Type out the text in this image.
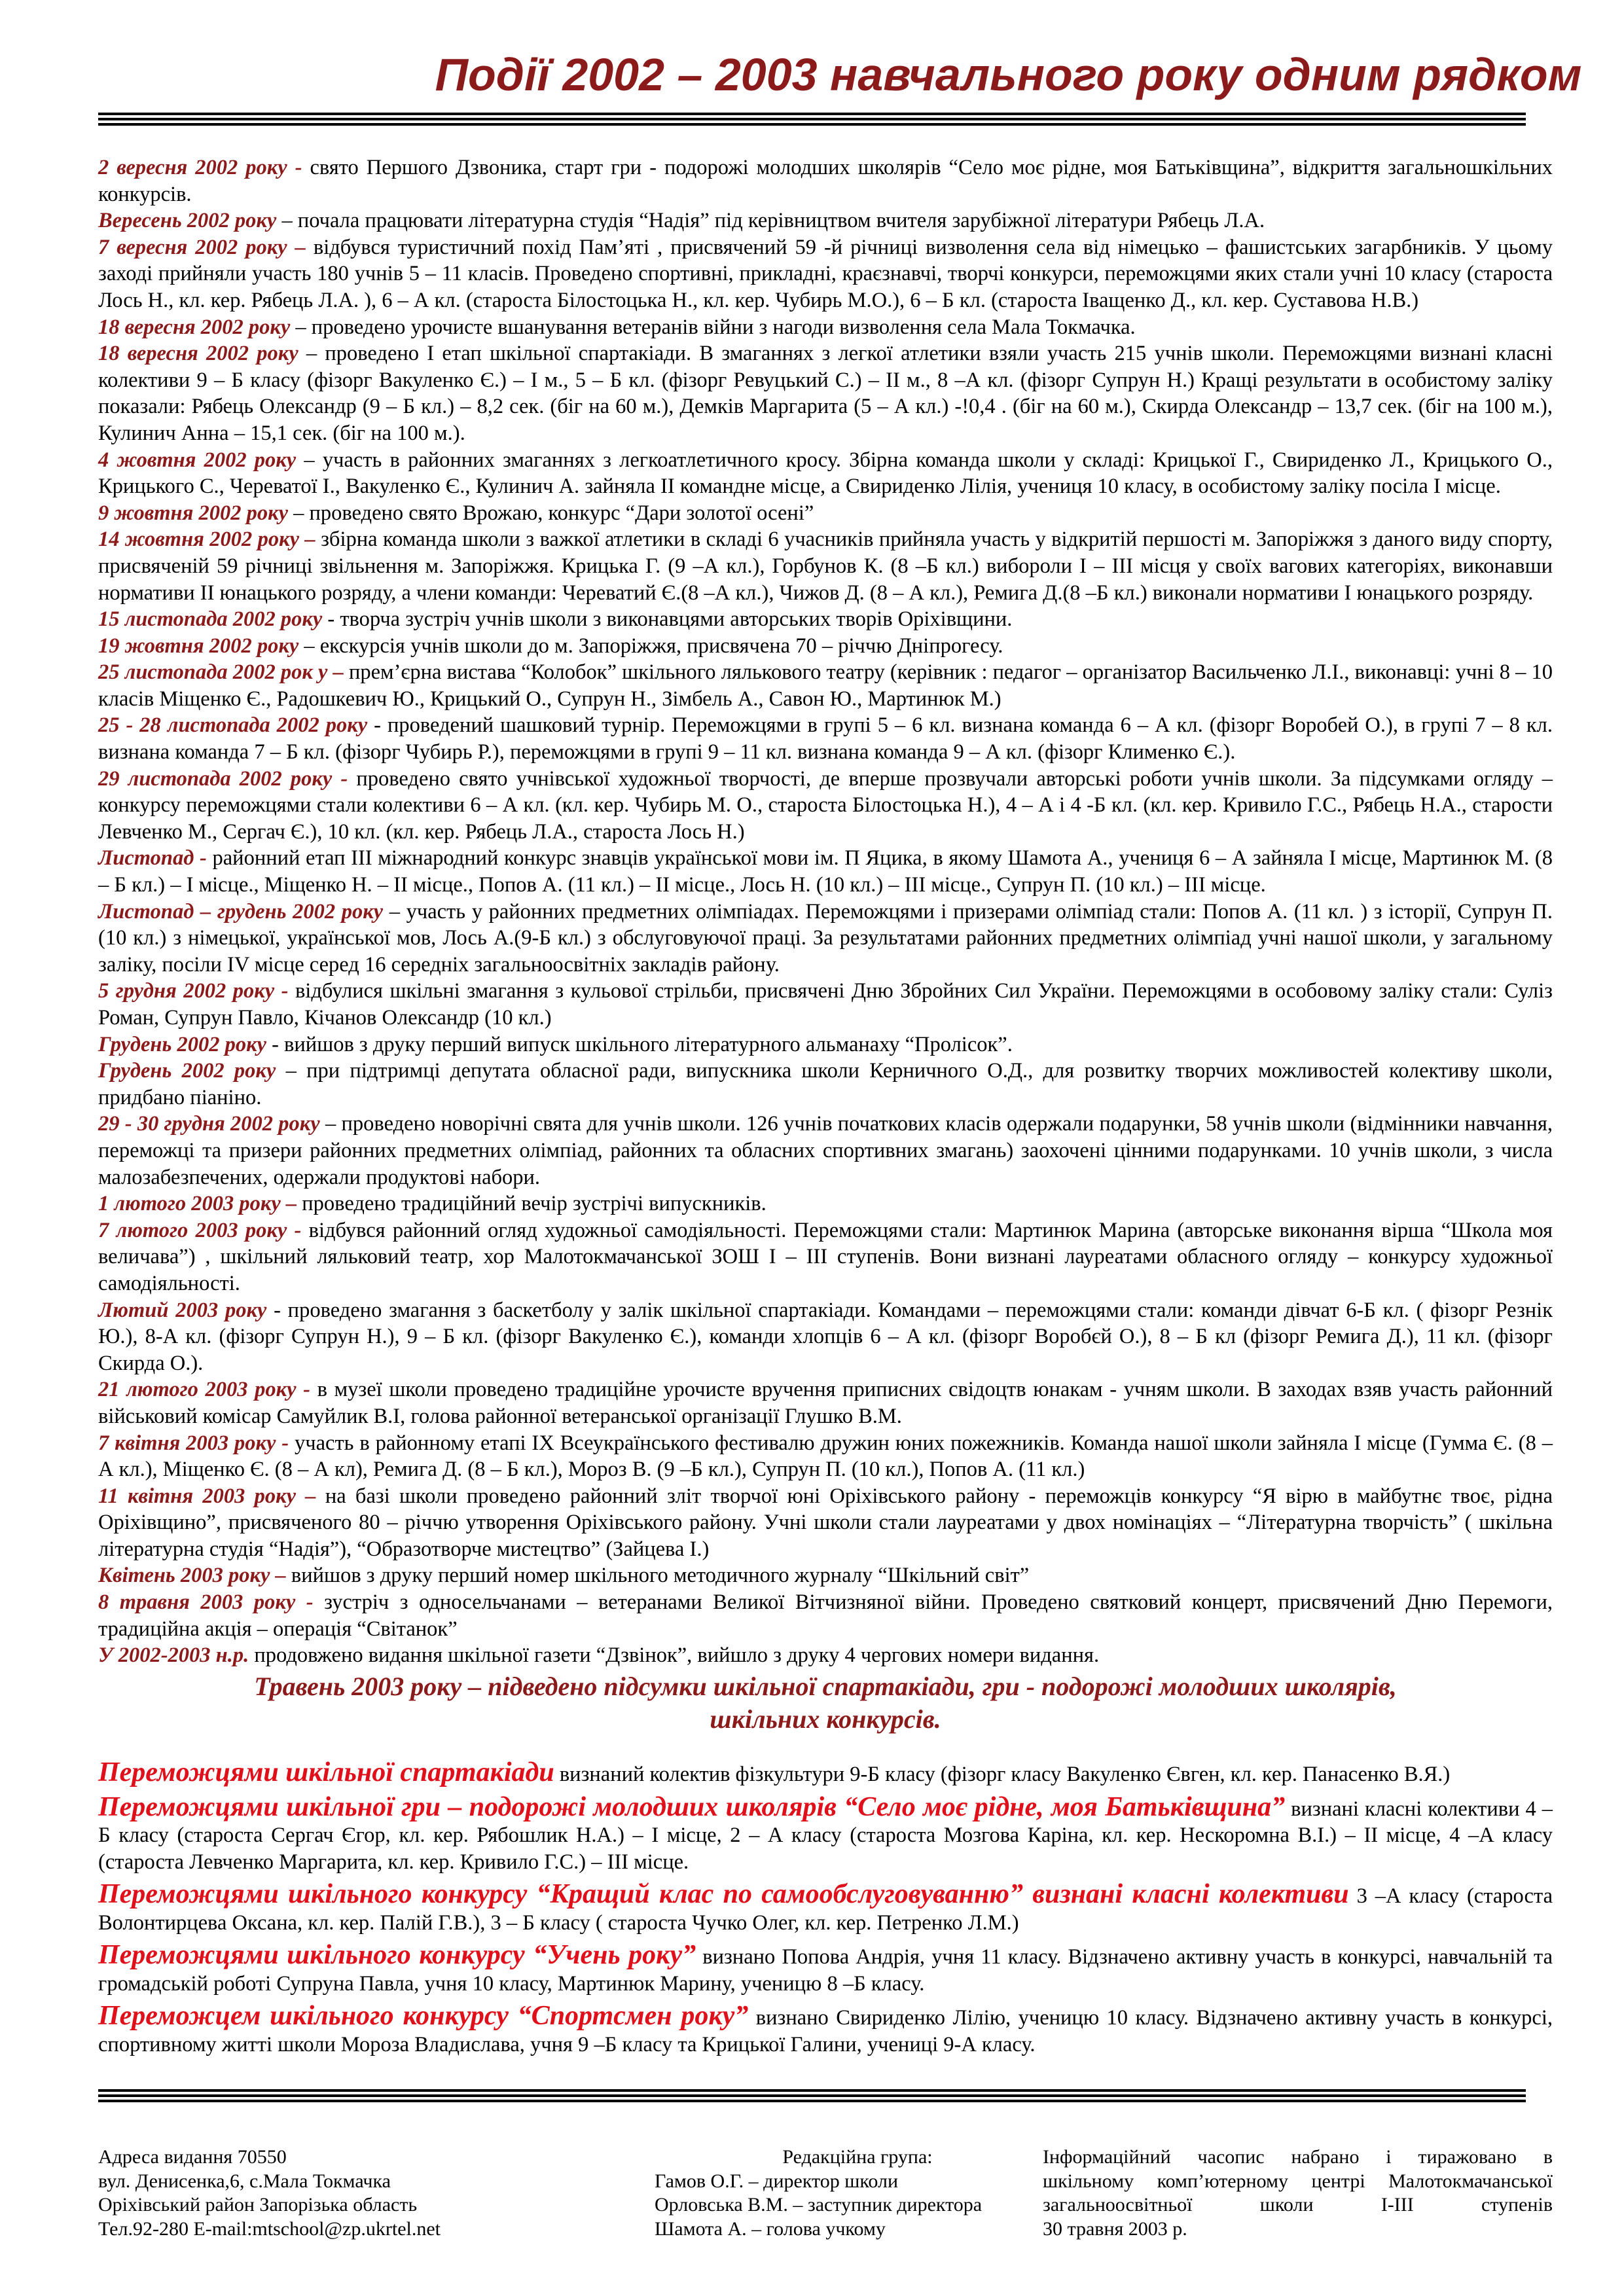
Події 2002 – 2003 навчального року одним рядком

2 вересня 2002 року - свято Першого Дзвоника, старт гри - подорожі молодших школярів “Село моє рідне, моя Батьківщина”, відкриття загальношкільних конкурсів.

Вересень 2002 року – почала працювати літературна студія “Надія” під керівництвом вчителя зарубіжної літератури Рябець Л.А.

7 вересня 2002 року – відбувся туристичний похід Пам’яті , присвячений 59 -й річниці визволення села від німецько – фашистських загарбників. У цьому заході прийняли участь 180 учнів 5 – 11 класів. Проведено спортивні, прикладні, краєзнавчі, творчі конкурси, переможцями яких стали учні 10 класу (староста Лось Н., кл. кер. Рябець Л.А. ), 6 – А кл. (староста Білостоцька Н., кл. кер. Чубирь М.О.), 6 – Б кл. (староста Іващенко Д., кл. кер. Суставова Н.В.)

18 вересня 2002 року – проведено урочисте вшанування ветеранів війни з нагоди визволення села Мала Токмачка.

18 вересня 2002 року – проведено I етап шкільної спартакіади. В змаганнях з легкої атлетики взяли участь 215 учнів школи. Переможцями визнані класні колективи 9 – Б класу (фізорг Вакуленко Є.) – І м., 5 – Б кл. (фізорг Ревуцький С.) – ІІ м., 8 –А кл. (фізорг Супрун Н.) Кращі результати в особистому заліку показали: Рябець Олександр (9 – Б кл.) – 8,2 сек. (біг на 60 м.), Демків Маргарита (5 – А кл.) -!0,4 . (біг на 60 м.), Скирда Олександр – 13,7 сек. (біг на 100 м.), Кулинич Анна – 15,1 сек. (біг на 100 м.).

4 жовтня 2002 року – участь в районних змаганнях з легкоатлетичного кросу. Збірна команда школи у складі: Крицької Г., Свириденко Л., Крицького О., Крицького С., Череватої І., Вакуленко Є., Кулинич А. зайняла ІІ командне місце, а Свириденко Лілія, учениця 10 класу, в особистому заліку посіла І місце.

9 жовтня 2002 року – проведено свято Врожаю, конкурс “Дари золотої осені”

14 жовтня 2002 року – збірна команда школи з важкої атлетики в складі 6 учасників прийняла участь у відкритій першості м. Запоріжжя з даного виду спорту, присвяченій 59 річниці звільнення м. Запоріжжя. Крицька Г. (9 –А кл.), Горбунов К. (8 –Б кл.) вибороли І – ІІІ місця у своїх вагових категоріях, виконавши нормативи ІІ юнацького розряду, а члени команди: Череватий Є.(8 –А кл.), Чижов Д. (8 – А кл.), Ремига Д.(8 –Б кл.) виконали нормативи І юнацького розряду.

15 листопада 2002 року - творча зустріч учнів школи з виконавцями авторських творів Оріхівщини.

19 жовтня 2002 року – екскурсія учнів школи до м. Запоріжжя, присвячена 70 – річчю Дніпрогесу.

25 листопада 2002 рок у – прем’єрна вистава “Колобок” шкільного лялькового театру (керівник : педагог – організатор Васильченко Л.І., виконавці: учні 8 – 10 класів Міщенко Є., Радошкевич Ю., Крицький О., Супрун Н., Зімбель А., Савон Ю., Мартинюк М.)

25 - 28 листопада 2002 року - проведений шашковий турнір. Переможцями в групі 5 – 6 кл. визнана команда 6 – А кл. (фізорг Воробей О.), в групі 7 – 8 кл. визнана команда 7 – Б кл. (фізорг Чубирь Р.), переможцями в групі 9 – 11 кл. визнана команда 9 – А кл. (фізорг Клименко Є.).

29 листопада 2002 року - проведено свято учнівської художньої творчості, де вперше прозвучали авторські роботи учнів школи. За підсумками огляду – конкурсу переможцями стали колективи 6 – А кл. (кл. кер. Чубирь М. О., староста Білостоцька Н.), 4 – А і 4 -Б кл. (кл. кер. Кривило Г.С., Рябець Н.А., старости Левченко М., Сергач Є.), 10 кл. (кл. кер. Рябець Л.А., староста Лось Н.)

Листопад - районний етап ІІІ міжнародний конкурс знавців української мови ім. П Яцика, в якому Шамота А., учениця 6 – А зайняла І місце, Мартинюк М. (8 – Б кл.) – І місце., Міщенко Н. – ІІ місце., Попов А. (11 кл.) – ІІ місце., Лось Н. (10 кл.) – ІІІ місце., Супрун П. (10 кл.) – ІІІ місце.

Листопад – грудень 2002 року – участь у районних предметних олімпіадах. Переможцями і призерами олімпіад стали: Попов А. (11 кл. ) з історії, Супрун П. (10 кл.) з німецької, української мов, Лось А.(9-Б кл.) з обслуговуючої праці. За результатами районних предметних олімпіад учні нашої школи, у загальному заліку, посіли IV місце серед 16 середніх загальноосвітніх закладів району.

5 грудня 2002 року - відбулися шкільні змагання з кульової стрільби, присвячені Дню Збройних Сил України. Переможцями в особовому заліку стали: Суліз Роман, Супрун Павло, Кічанов Олександр (10 кл.)

Грудень 2002 року - вийшов з друку перший випуск шкільного літературного альманаху “Пролісок”.

Грудень 2002 року – при підтримці депутата обласної ради, випускника школи Керничного О.Д., для розвитку творчих можливостей колективу школи, придбано піаніно.

29 - 30 грудня 2002 року – проведено новорічні свята для учнів школи. 126 учнів початкових класів одержали подарунки, 58 учнів школи (відмінники навчання, переможці та призери районних предметних олімпіад, районних та обласних спортивних змагань) заохочені цінними подарунками. 10 учнів школи, з числа малозабезпечених, одержали продуктові набори.

1 лютого 2003 року – проведено традиційний вечір зустрічі випускників.

7 лютого 2003 року - відбувся районний огляд художньої самодіяльності. Переможцями стали: Мартинюк Марина (авторське виконання вірша “Школа моя величава”) , шкільний ляльковий театр, хор Малотокмачанської ЗОШ І – ІІІ ступенів. Вони визнані лауреатами обласного огляду – конкурсу художньої самодіяльності.

Лютий 2003 року - проведено змагання з баскетболу у залік шкільної спартакіади. Командами – переможцями стали: команди дівчат 6-Б кл. ( фізорг Резнік Ю.), 8-А кл. (фізорг Супрун Н.), 9 – Б кл. (фізорг Вакуленко Є.), команди хлопців 6 – А кл. (фізорг Воробєй О.), 8 – Б кл (фізорг Ремига Д.), 11 кл. (фізорг Скирда О.).

21 лютого 2003 року - в музеї школи проведено традиційне урочисте вручення приписних свідоцтв юнакам - учням школи. В заходах взяв участь районний військовий комісар Самуйлик В.І, голова районної ветеранської організації Глушко В.М.

7 квітня 2003 року - участь в районному етапі ІХ Всеукраїнського фестивалю дружин юних пожежників. Команда нашої школи зайняла І місце (Гумма Є. (8 – А кл.), Міщенко Є. (8 – А кл), Ремига Д. (8 – Б кл.), Мороз В. (9 –Б кл.), Супрун П. (10 кл.), Попов А. (11 кл.)

11 квітня 2003 року – на базі школи проведено районний зліт творчої юні Оріхівського району - переможців конкурсу “Я вірю в майбутнє твоє, рідна Оріхівщино”, присвяченого 80 – річчю утворення Оріхівського району. Учні школи стали лауреатами у двох номінаціях – “Літературна творчість” ( шкільна літературна студія “Надія”), “Образотворче мистецтво” (Зайцева І.)

Квітень 2003 року – вийшов з друку перший номер шкільного методичного журналу “Шкільний світ”

8 травня 2003 року - зустріч з односельчанами – ветеранами Великої Вітчизняної війни. Проведено святковий концерт, присвячений Дню Перемоги, традиційна акція – операція “Світанок”

У 2002-2003 н.р. продовжено видання шкільної газети “Дзвінок”, вийшло з друку 4 чергових номери видання.

Травень 2003 року – підведено підсумки шкільної спартакіади, гри - подорожі молодших школярів,
шкільних конкурсів.

Переможцями шкільної спартакіади визнаний колектив фізкультури 9-Б класу (фізорг класу Вакуленко Євген, кл. кер. Панасенко В.Я.)

Переможцями шкільної гри – подорожі молодших школярів “Село моє рідне, моя Батьківщина” визнані класні колективи 4 – Б класу (староста Сергач Єгор, кл. кер. Рябошлик Н.А.) – І місце, 2 – А класу (староста Мозгова Каріна, кл. кер. Нескоромна В.І.) – ІІ місце, 4 –А класу (староста Левченко Маргарита, кл. кер. Кривило Г.С.) – ІІІ місце.

Переможцями шкільного конкурсу “Кращий клас по самообслуговуванню” визнані класні колективи 3 –А класу (староста Волонтирцева Оксана, кл. кер. Палій Г.В.), 3 – Б класу ( староста Чучко Олег, кл. кер. Петренко Л.М.)

Переможцями шкільного конкурсу “Учень року” визнано Попова Андрія, учня 11 класу. Відзначено активну участь в конкурсі, навчальній та громадській роботі Супруна Павла, учня 10 класу, Мартинюк Марину, ученицю 8 –Б класу.

Переможцем шкільного конкурсу “Спортсмен року” визнано Свириденко Лілію, ученицю 10 класу. Відзначено активну участь в конкурсі, спортивному житті школи Мороза Владислава, учня 9 –Б класу та Крицької Галини, учениці 9-А класу.

Адреса видання 70550
вул. Денисенка,6, с.Мала Токмачка
Оріхівський район Запорізька область
Тел.92-280 E-mail:mtschool@zp.ukrtel.net
Редакційна група:
Гамов О.Г. – директор школи
Орловська В.М. – заступник директора
Шамота А. – голова учкому
Інформаційний часопис набрано і тиражовано в
шкільному комп’ютерному центрі Малотокмачанської
загальноосвітньої школи І-ІІІ ступенів
30 травня 2003 р.
